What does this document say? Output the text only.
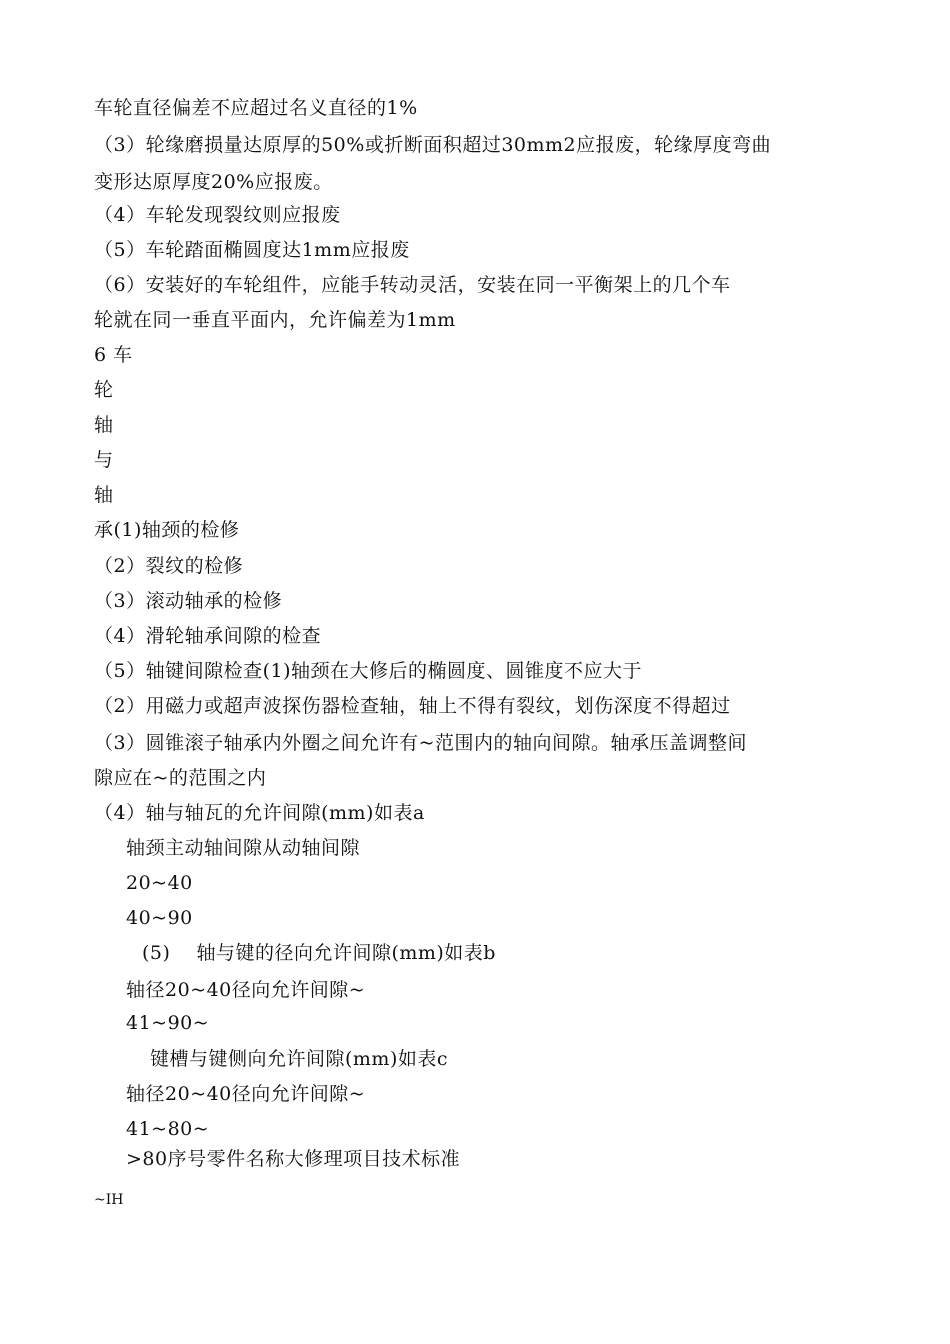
车轮直径偏差不应超过名义直径的1%
（3）轮缘磨损量达原厚的50%或折断面积超过30mm2应报废，轮缘厚度弯曲
变形达原厚度20%应报废。
（4）车轮发现裂纹则应报废
（5）车轮踏面椭圆度达1mm应报废
（6）安装好的车轮组件，应能手转动灵活，安装在同一平衡架上的几个车
轮就在同一垂直平面内，允许偏差为1mm
6 车
轮
轴
与
轴
承(1)轴颈的检修
（2）裂纹的检修
（3）滚动轴承的检修
（4）滑轮轴承间隙的检查
（5）轴键间隙检查(1)轴颈在大修后的椭圆度、圆锥度不应大于
（2）用磁力或超声波探伤器检查轴，轴上不得有裂纹，划伤深度不得超过
（3）圆锥滚子轴承内外圈之间允许有~范围内的轴向间隙。轴承压盖调整间
隙应在~的范围之内
（4）轴与轴瓦的允许间隙(mm)如表a
轴颈主动轴间隙从动轴间隙
20~40
40~90
(5)　 轴与键的径向允许间隙(mm)如表b
轴径20~40径向允许间隙~
41~90~
键槽与键侧向允许间隙(mm)如表c
轴径20~40径向允许间隙~
41~80~
>80序号零件名称大修理项目技术标准
~IH
